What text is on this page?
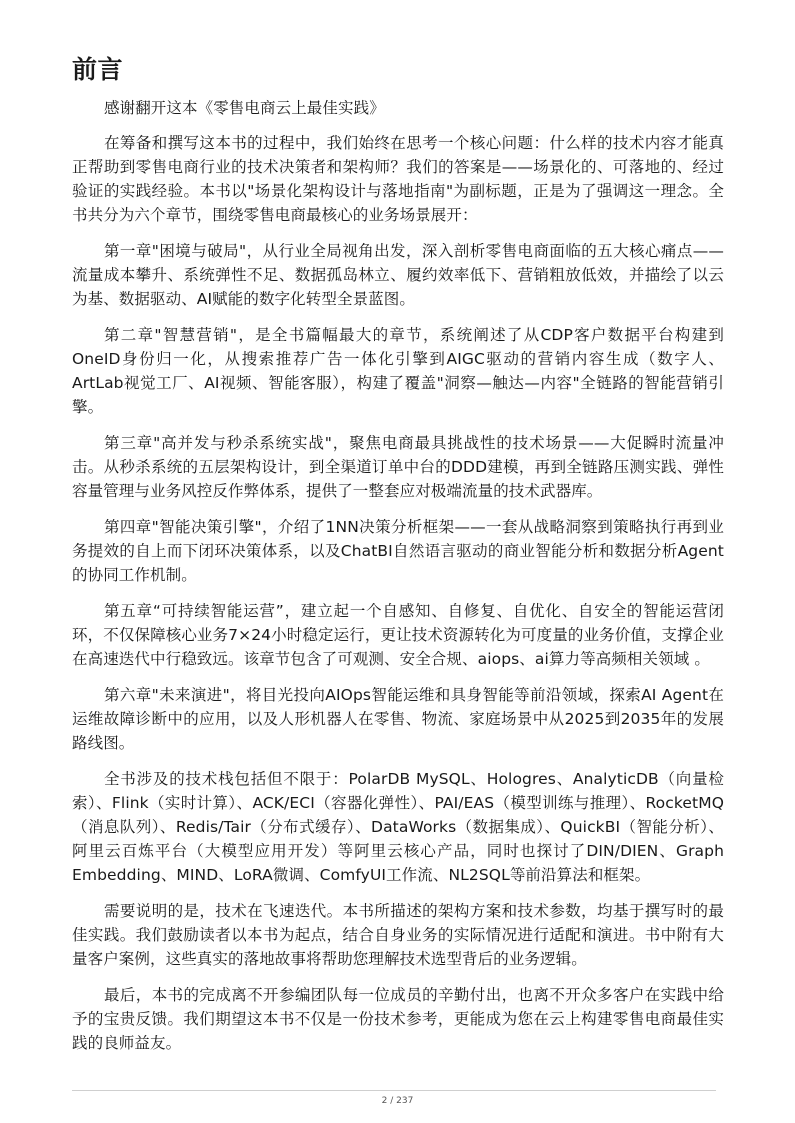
前言

感谢翻开这本《零售电商云上最佳实践》

在筹备和撰写这本书的过程中，我们始终在思考一个核心问题：什么样的技术内容才能真正帮助到零售电商行业的技术决策者和架构师？我们的答案是——场景化的、可落地的、经过验证的实践经验。本书以"场景化架构设计与落地指南"为副标题，正是为了强调这一理念。全书共分为六个章节，围绕零售电商最核心的业务场景展开：

第一章"困境与破局"，从行业全局视角出发，深入剖析零售电商面临的五大核心痛点——流量成本攀升、系统弹性不足、数据孤岛林立、履约效率低下、营销粗放低效，并描绘了以云为基、数据驱动、AI赋能的数字化转型全景蓝图。

第二章"智慧营销"，是全书篇幅最大的章节，系统阐述了从CDP客户数据平台构建到OneID身份归一化，从搜索推荐广告一体化引擎到AIGC驱动的营销内容生成（数字人、ArtLab视觉工厂、AI视频、智能客服），构建了覆盖"洞察—触达—内容"全链路的智能营销引擎。

第三章"高并发与秒杀系统实战"，聚焦电商最具挑战性的技术场景——大促瞬时流量冲击。从秒杀系统的五层架构设计，到全渠道订单中台的DDD建模，再到全链路压测实践、弹性容量管理与业务风控反作弊体系，提供了一整套应对极端流量的技术武器库。

第四章"智能决策引擎"，介绍了1NN决策分析框架——一套从战略洞察到策略执行再到业务提效的自上而下闭环决策体系，以及ChatBI自然语言驱动的商业智能分析和数据分析Agent的协同工作机制。

第五章“可持续智能运营”，建立起一个自感知、自修复、自优化、自安全的智能运营闭环，不仅保障核心业务7×24小时稳定运行，更让技术资源转化为可度量的业务价值，支撑企业在高速迭代中行稳致远。该章节包含了可观测、安全合规、aiops、ai算力等高频相关领域 。

第六章"未来演进"，将目光投向AIOps智能运维和具身智能等前沿领域，探索AI Agent在运维故障诊断中的应用，以及人形机器人在零售、物流、家庭场景中从2025到2035年的发展路线图。

全书涉及的技术栈包括但不限于：PolarDB MySQL、Hologres、AnalyticDB（向量检索）、Flink（实时计算）、ACK/ECI（容器化弹性）、PAI/EAS（模型训练与推理）、RocketMQ（消息队列）、Redis/Tair（分布式缓存）、DataWorks（数据集成）、QuickBI（智能分析）、阿里云百炼平台（大模型应用开发）等阿里云核心产品，同时也探讨了DIN/DIEN、Graph Embedding、MIND、LoRA微调、ComfyUI工作流、NL2SQL等前沿算法和框架。

需要说明的是，技术在飞速迭代。本书所描述的架构方案和技术参数，均基于撰写时的最佳实践。我们鼓励读者以本书为起点，结合自身业务的实际情况进行适配和演进。书中附有大量客户案例，这些真实的落地故事将帮助您理解技术选型背后的业务逻辑。

最后，本书的完成离不开参编团队每一位成员的辛勤付出，也离不开众多客户在实践中给予的宝贵反馈。我们期望这本书不仅是一份技术参考，更能成为您在云上构建零售电商最佳实践的良师益友。

2 / 237
